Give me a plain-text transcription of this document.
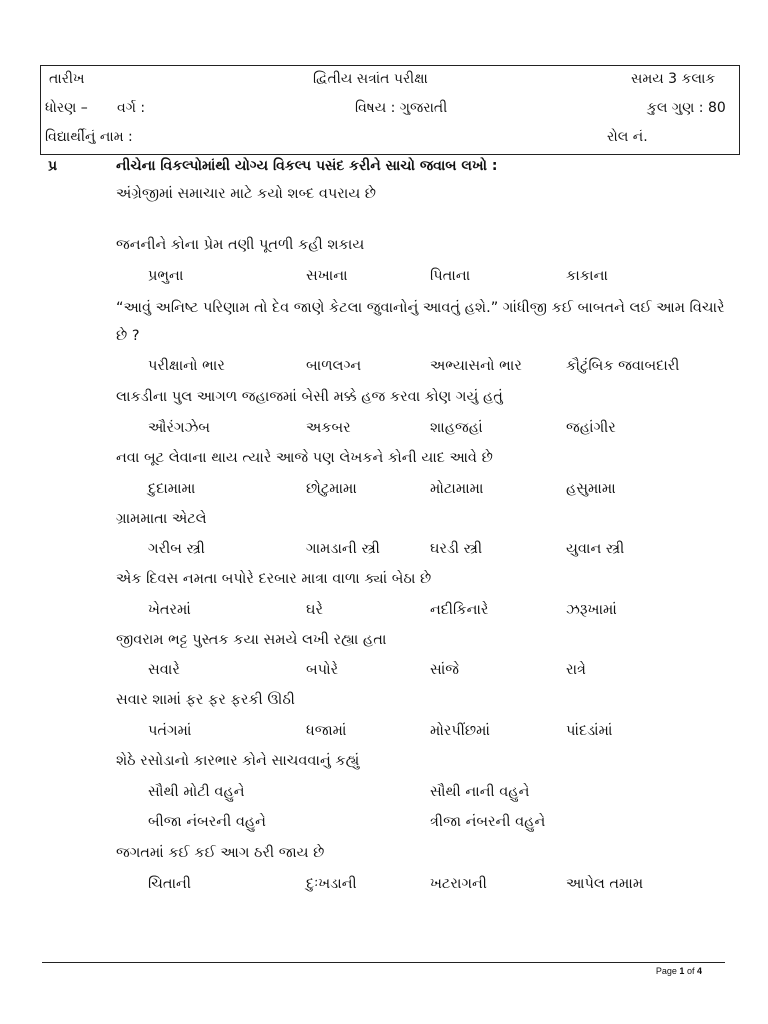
તારીખ	દ્વિતીય સત્રાંત પરીક્ષા	સમય 3 કલાક
ધોરણ – વર્ગ :	વિષય : ગુજરાતી	કુલ ગુણ : 80
વિદ્યાર્થીનું નામ :	રોલ નં.
પ્ર	નીચેના વિકલ્પોમાંથી યોગ્ય વિકલ્પ પસંદ કરીને સાચો જવાબ લખો :
અંગ્રેજીમાં સમાચાર માટે કયો શબ્દ વપરાય છે
જનનીને કોના પ્રેમ તણી પૂતળી કહી શકાય
પ્રભુના	સખાના	પિતાના	કાકાના
“આવું અનિષ્ટ પરિણામ તો દેવ જાણે કેટલા જુવાનોનું આવતું હશે.” ગાંધીજી કઈ બાબતને લઈ આમ વિચારે છે ?
પરીક્ષાનો ભાર	બાળલગ્ન	અભ્યાસનો ભાર	કૌટુંબિક જવાબદારી
લાકડીના પુલ આગળ જહાજમાં બેસી મક્કે હજ કરવા કોણ ગયું હતું
ઔરંગઝેબ	અકબર	શાહજહાં	જહાંગીર
નવા બૂટ લેવાના થાય ત્યારે આજે પણ લેખકને કોની યાદ આવે છે
દુદામામા	છોટુમામા	મોટામામા	હસુમામા
ગ્રામમાતા એટલે
ગરીબ સ્ત્રી	ગામડાની સ્ત્રી	ઘરડી સ્ત્રી	યુવાન સ્ત્રી
એક દિવસ નમતા બપોરે દરબાર માત્રા વાળા ક્યાં બેઠા છે
ખેતરમાં	ઘરે	નદીકિનારે	ઝરૂખામાં
જીવરામ ભટ્ટ પુસ્તક કયા સમયે લખી રહ્યા હતા
સવારે	બપોરે	સાંજે	રાત્રે
સવાર શામાં ફર ફર ફરકી ઊઠી
પતંગમાં	ધજામાં	મોરપીંછમાં	પાંદડાંમાં
શેઠે રસોડાનો કારભાર કોને સાચવવાનું કહ્યું
સૌથી મોટી વહુને	સૌથી નાની વહુને
બીજા નંબરની વહુને	ત્રીજા નંબરની વહુને
જગતમાં કઈ કઈ આગ ઠરી જાય છે
ચિતાની	દુઃખડાની	ખટરાગની	આપેલ તમામ
Page 1 of 4
